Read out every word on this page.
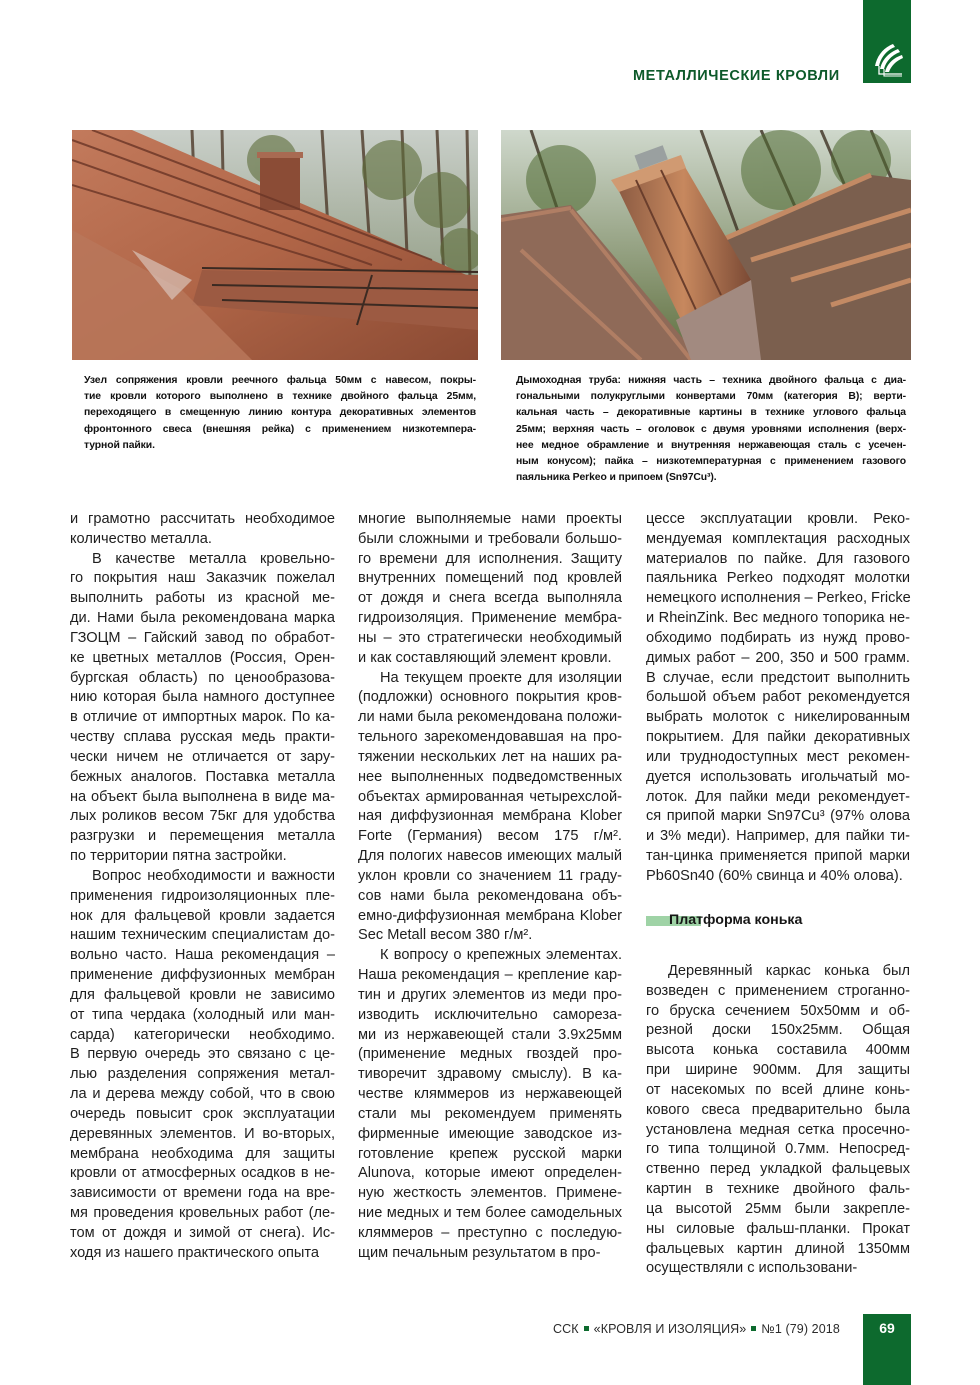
МЕТАЛЛИЧЕСКИЕ КРОВЛИ
Узел сопряжения кровли реечного фальца 50мм с навесом, покры-
тие кровли которого выполнено в технике двойного фальца 25мм,
переходящего в смещенную линию контура декоративных элементов
фронтонного свеса (внешняя рейка) с применением низкотемпера-
турной пайки.
Дымоходная труба: нижняя часть – техника двойного фальца с диа-
гональными полукруглыми конвертами 70мм (категория В); верти-
кальная часть – декоративные картины в технике углового фальца
25мм; верхняя часть – оголовок с двумя уровнями исполнения (верх-
нее медное обрамление и внутренняя нержавеющая сталь с усечен-
ным конусом); пайка – низкотемпературная с применением газового
паяльника Perkeo и припоем (Sn97Cu³).
и грамотно рассчитать необходимое
количество металла.
В качестве металла кровельно-
го покрытия наш Заказчик пожелал
выполнить работы из красной ме-
ди. Нами была рекомендована марка
ГЗОЦМ – Гайский завод по обработ-
ке цветных металлов (Россия, Орен-
бургская область) по ценообразова-
нию которая была намного доступнее
в отличие от импортных марок. По ка-
честву сплава русская медь практи-
чески ничем не отличается от зару-
бежных аналогов. Поставка металла
на объект была выполнена в виде ма-
лых роликов весом 75кг для удобства
разгрузки и перемещения металла
по территории пятна застройки.
Вопрос необходимости и важности
применения гидроизоляционных пле-
нок для фальцевой кровли задается
нашим техническим специалистам до-
вольно часто. Наша рекомендация –
применение диффузионных мембран
для фальцевой кровли не зависимо
от типа чердака (холодный или ман-
сарда) категорически необходимо.
В первую очередь это связано с це-
лью разделения сопряжения метал-
ла и дерева между собой, что в свою
очередь повысит срок эксплуатации
деревянных элементов. И во-вторых,
мембрана необходима для защиты
кровли от атмосферных осадков в не-
зависимости от времени года на вре-
мя проведения кровельных работ (ле-
том от дождя и зимой от снега). Ис-
ходя из нашего практического опыта
многие выполняемые нами проекты
были сложными и требовали большо-
го времени для исполнения. Защиту
внутренних помещений под кровлей
от дождя и снега всегда выполняла
гидроизоляция. Применение мембра-
ны – это стратегически необходимый
и как составляющий элемент кровли.
На текущем проекте для изоляции
(подложки) основного покрытия кров-
ли нами была рекомендована положи-
тельного зарекомендовавшая на про-
тяжении нескольких лет на наших ра-
нее выполненных подведомственных
объектах армированная четырехслой-
ная диффузионная мембрана Klober
Forte (Германия) весом 175 г/м².
Для пологих навесов имеющих малый
уклон кровли со значением 11 граду-
сов нами была рекомендована объ-
емно-диффузионная мембрана Klober
Sec Metall весом 380 г/м².
К вопросу о крепежных элементах.
Наша рекомендация – крепление кар-
тин и других элементов из меди про-
изводить исключительно самореза-
ми из нержавеющей стали 3.9х25мм
(применение медных гвоздей про-
тиворечит здравому смыслу). В ка-
честве кляммеров из нержавеющей
стали мы рекомендуем применять
фирменные имеющие заводское из-
готовление крепеж русской марки
Alunova, которые имеют определен-
ную жесткость элементов. Примене-
ние медных и тем более самодельных
кляммеров – преступно с последую-
щим печальным результатом в про-
цессе эксплуатации кровли. Реко-
мендуемая комплектация расходных
материалов по пайке. Для газового
паяльника Perkeo подходят молотки
немецкого исполнения – Perkeo, Fricke
и RheinZink. Вес медного топорика не-
обходимо подбирать из нужд прово-
димых работ – 200, 350 и 500 грамм.
В случае, если предстоит выполнить
большой объем работ рекомендуется
выбрать молоток с никелированным
покрытием. Для пайки декоративных
или труднодоступных мест рекомен-
дуется использовать игольчатый мо-
лоток. Для пайки меди рекомендует-
ся припой марки Sn97Cu³ (97% олова
и 3% меди). Например, для пайки ти-
тан-цинка применяется припой марки
Pb60Sn40 (60% свинца и 40% олова).
Платформа конька
Деревянный каркас конька был
возведен с применением строганно-
го бруска сечением 50х50мм и об-
резной доски 150х25мм. Общая
высота конька составила 400мм
при ширине 900мм. Для защиты
от насекомых по всей длине конь-
кового свеса предварительно была
установлена медная сетка просечно-
го типа толщиной 0.7мм. Непосред-
ственно перед укладкой фальцевых
картин в технике двойного фаль-
ца высотой 25мм были закрепле-
ны силовые фальш-планки. Прокат
фальцевых картин длиной 1350мм
осуществляли с использовани-
ССК «КРОВЛЯ И ИЗОЛЯЦИЯ» №1 (79) 2018	69
